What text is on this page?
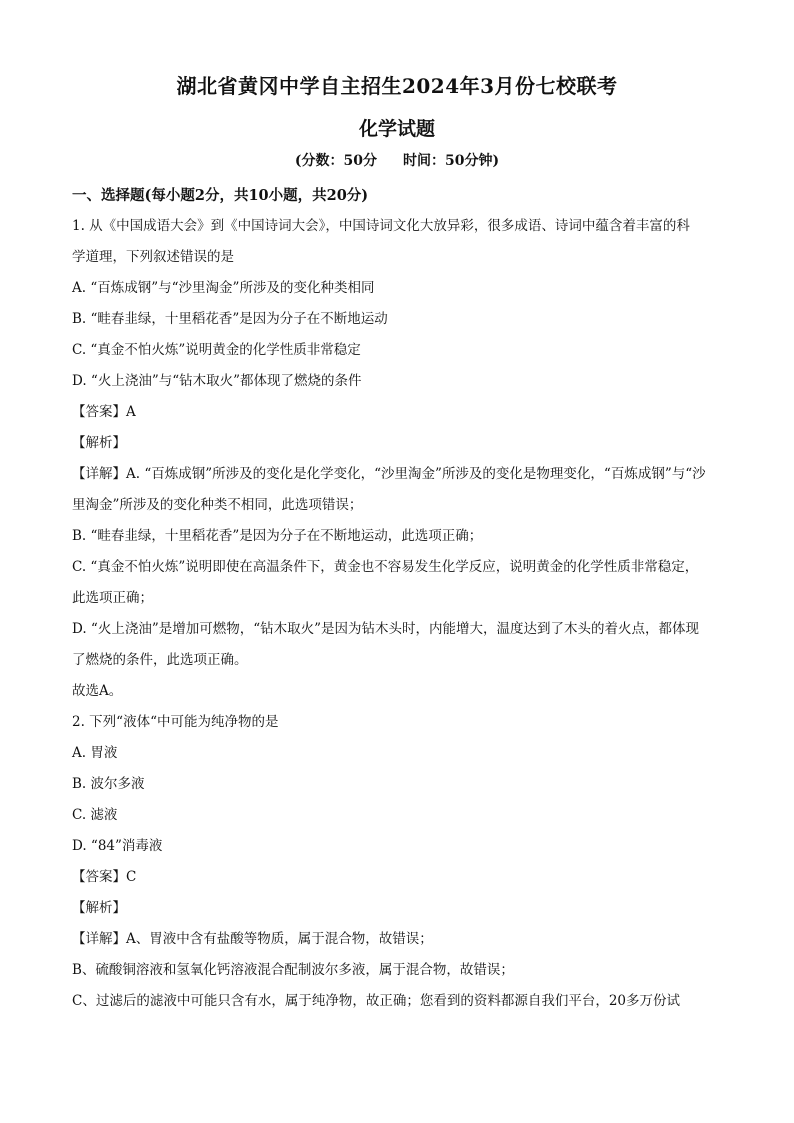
湖北省黄冈中学自主招生2024年3月份七校联考
化学试题
(分数：50分 时间：50分钟)
一、选择题(每小题2分，共10小题，共20分)
1. 从《中国成语大会》到《中国诗词大会》，中国诗词文化大放异彩，很多成语、诗词中蕴含着丰富的科
学道理，下列叙述错误的是
A. “百炼成钢”与“沙里淘金”所涉及的变化种类相同
B. “畦春韭绿，十里稻花香”是因为分子在不断地运动
C. “真金不怕火炼”说明黄金的化学性质非常稳定
D. “火上浇油”与“钻木取火”都体现了燃烧的条件
【答案】A
【解析】
【详解】A. “百炼成钢”所涉及的变化是化学变化，“沙里淘金”所涉及的变化是物理变化，“百炼成钢”与“沙
里淘金”所涉及的变化种类不相同，此选项错误；
B. “畦春韭绿，十里稻花香”是因为分子在不断地运动，此选项正确；
C. “真金不怕火炼”说明即使在高温条件下，黄金也不容易发生化学反应，说明黄金的化学性质非常稳定，
此选项正确；
D. “火上浇油”是增加可燃物，“钻木取火”是因为钻木头时，内能增大，温度达到了木头的着火点，都体现
了燃烧的条件，此选项正确。
故选A。
2. 下列“液体“中可能为纯净物的是
A. 胃液
B. 波尔多液
C. 滤液
D. “84”消毒液
【答案】C
【解析】
【详解】A、胃液中含有盐酸等物质，属于混合物，故错误；
B、硫酸铜溶液和氢氧化钙溶液混合配制波尔多液，属于混合物，故错误；
C、过滤后的滤液中可能只含有水，属于纯净物，故正确；您看到的资料都源自我们平台，20多万份试
